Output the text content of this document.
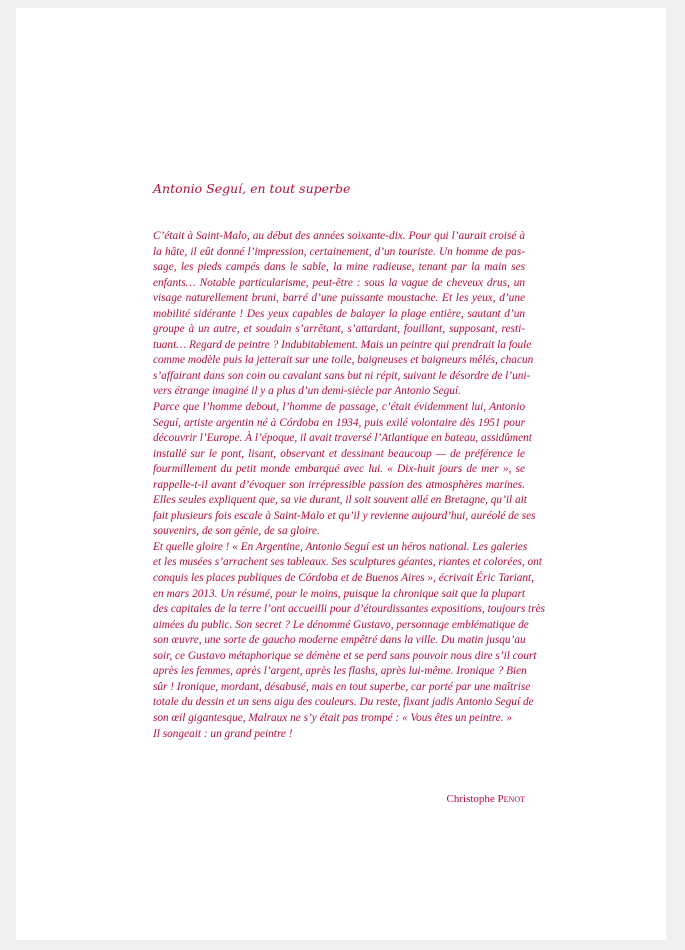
Antonio Seguí, en tout superbe

C’était à Saint-Malo, au début des années soixante-dix. Pour qui l’aurait croisé à
la hâte, il eût donné l’impression, certainement, d’un touriste. Un homme de pas-
sage, les pieds campés dans le sable, la mine radieuse, tenant par la main ses
enfants… Notable particularisme, peut-être : sous la vague de cheveux drus, un
visage naturellement bruni, barré d’une puissante moustache. Et les yeux, d’une
mobilité sidérante ! Des yeux capables de balayer la plage entière, sautant d’un
groupe à un autre, et soudain s’arrêtant, s’attardant, fouillant, supposant, resti-
tuant… Regard de peintre ? Indubitablement. Mais un peintre qui prendrait la foule
comme modèle puis la jetterait sur une toile, baigneuses et baigneurs mêlés, chacun
s’affairant dans son coin ou cavalant sans but ni répit, suivant le désordre de l’uni-
vers étrange imaginé il y a plus d’un demi-siècle par Antonio Seguí.

Parce que l’homme debout, l’homme de passage, c’était évidemment lui, Antonio
Seguí, artiste argentin né à Córdoba en 1934, puis exilé volontaire dès 1951 pour
découvrir l’Europe. À l’époque, il avait traversé l’Atlantique en bateau, assidûment
installé sur le pont, lisant, observant et dessinant beaucoup — de préférence le
fourmillement du petit monde embarqué avec lui. « Dix-huit jours de mer », se
rappelle-t-il avant d’évoquer son irrépressible passion des atmosphères marines.
Elles seules expliquent que, sa vie durant, il soit souvent allé en Bretagne, qu’il ait
fait plusieurs fois escale à Saint-Malo et qu’il y revienne aujourd’hui, auréolé de ses
souvenirs, de son génie, de sa gloire.

Et quelle gloire ! « En Argentine, Antonio Seguí est un héros national. Les galeries
et les musées s’arrachent ses tableaux. Ses sculptures géantes, riantes et colorées, ont
conquis les places publiques de Córdoba et de Buenos Aires », écrivait Éric Tariant,
en mars 2013. Un résumé, pour le moins, puisque la chronique sait que la plupart
des capitales de la terre l’ont accueilli pour d’étourdissantes expositions, toujours très
aimées du public. Son secret ? Le dénommé Gustavo, personnage emblématique de
son œuvre, une sorte de gaucho moderne empêtré dans la ville. Du matin jusqu’au
soir, ce Gustavo métaphorique se démène et se perd sans pouvoir nous dire s’il court
après les femmes, après l’argent, après les flashs, après lui-même. Ironique ? Bien
sûr ! Ironique, mordant, désabusé, mais en tout superbe, car porté par une maîtrise
totale du dessin et un sens aigu des couleurs. Du reste, fixant jadis Antonio Seguí de
son œil gigantesque, Malraux ne s’y était pas trompé : « Vous êtes un peintre. »

Il songeait : un grand peintre !

Christophe Penot
